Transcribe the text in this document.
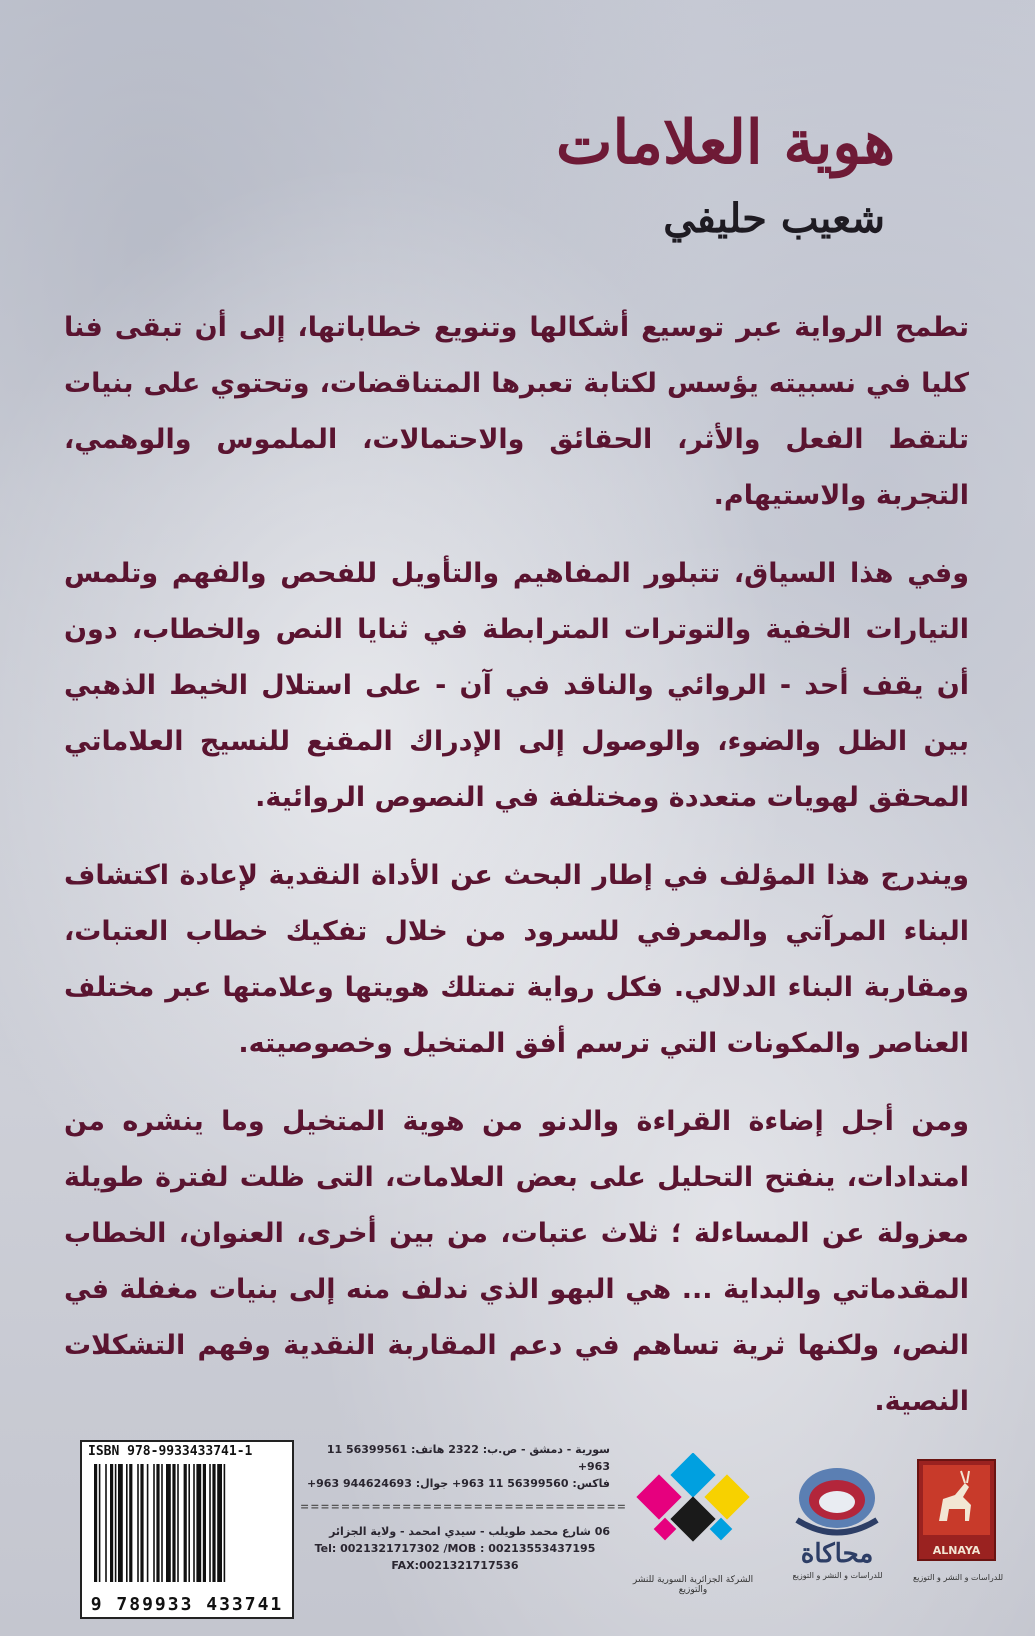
هوية العلامات
شعيب حليفي

تطمح الرواية عبر توسيع أشكالها وتنويع خطاباتها، إلى أن تبقى فنا كليا في نسبيته يؤسس لكتابة تعبرها المتناقضات، وتحتوي على بنيات تلتقط الفعل والأثر، الحقائق والاحتمالات، الملموس والوهمي، التجربة والاستيهام.

وفي هذا السياق، تتبلور المفاهيم والتأويل للفحص والفهم وتلمس التيارات الخفية والتوترات المترابطة في ثنايا النص والخطاب، دون أن يقف أحد - الروائي والناقد في آن - على استلال الخيط الذهبي بين الظل والضوء، والوصول إلى الإدراك المقنع للنسيج العلاماتي المحقق لهويات متعددة ومختلفة في النصوص الروائية.

ويندرج هذا المؤلف في إطار البحث عن الأداة النقدية لإعادة اكتشاف البناء المرآتي والمعرفي للسرود من خلال تفكيك خطاب العتبات، ومقاربة البناء الدلالي. فكل رواية تمتلك هويتها وعلامتها عبر مختلف العناصر والمكونات التي ترسم أفق المتخيل وخصوصيته.

ومن أجل إضاءة القراءة والدنو من هوية المتخيل وما ينشره من امتدادات، ينفتح التحليل على بعض العلامات، التى ظلت لفترة طويلة معزولة عن المساءلة ؛ ثلاث عتبات، من بين أخرى، العنوان، الخطاب المقدماتي والبداية ... هي البهو الذي ندلف منه إلى بنيات مغفلة في النص، ولكنها ثرية تساهم في دعم المقاربة النقدية وفهم التشكلات النصية.

ISBN 978-9933433741-1
9 789933 433741
سورية - دمشق - ص.ب: 2322 هاتف: 56399561 11 963+
فاكس: 56399560 11 963+ جوال: 944624693 963+
================================
06 شارع محمد طويلب - سيدي امحمد - ولاية الجزائر
Tel: 0021321717302 /MOB : 00213553437195
FAX:0021321717536
الشركة الجزائرية السورية للنشر والتوزيع
محاكاة
للدراسات و النشر و التوزيع
ALNAYA
للدراسات و النشر و التوزيع
